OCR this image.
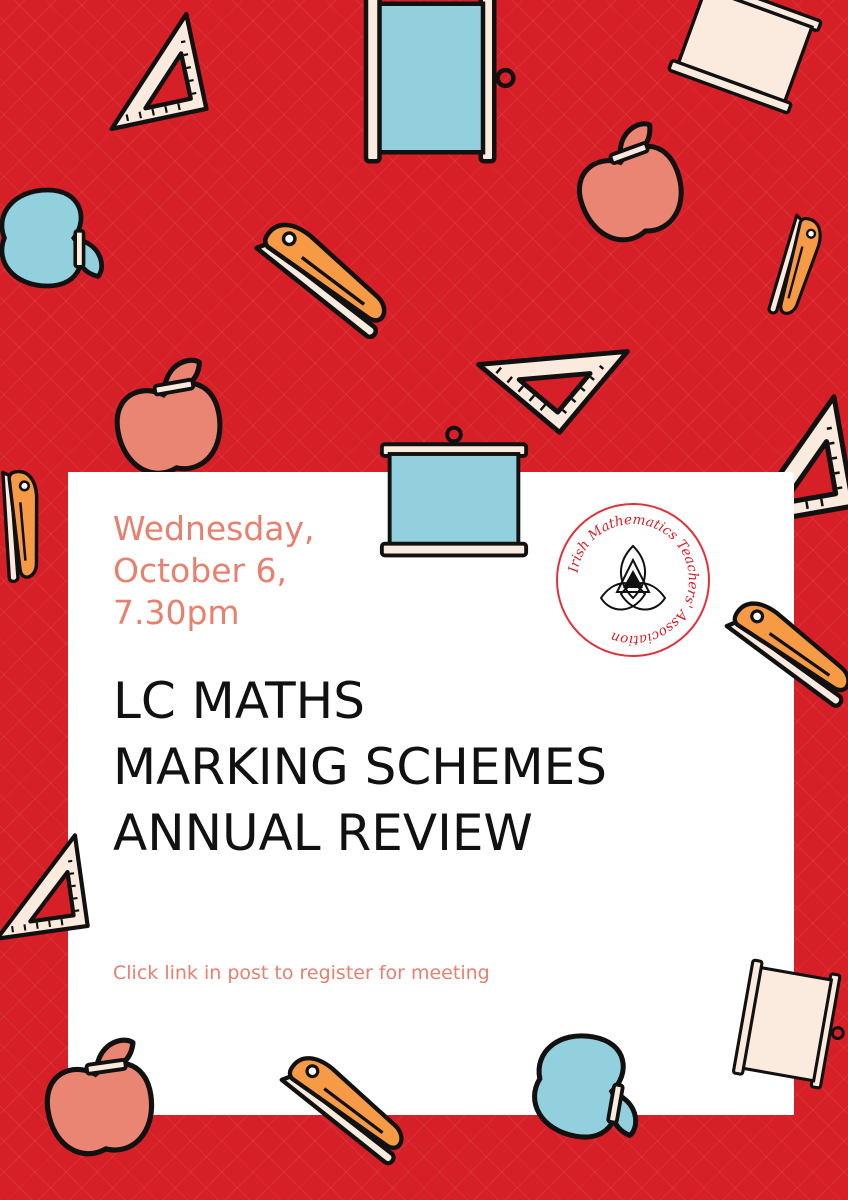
Wednesday,
October 6,
7.30pm

LC MATHS
MARKING SCHEMES
ANNUAL REVIEW

Click link in post to register for meeting

Irish Mathematics Teachers' Association
